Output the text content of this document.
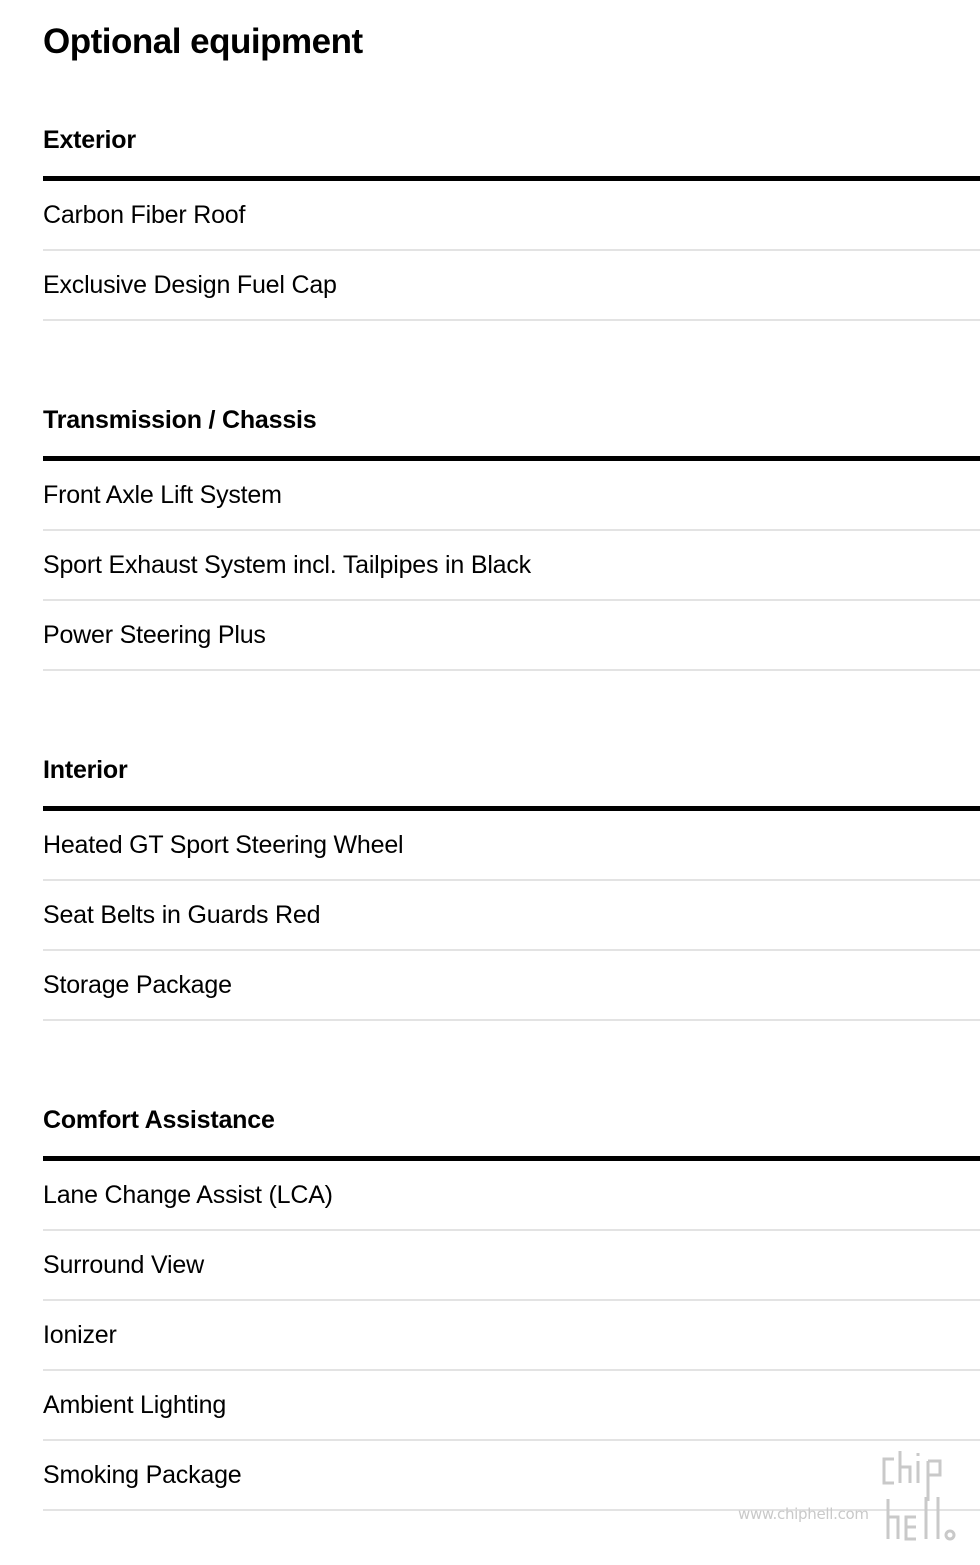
Optional equipment
Exterior
Carbon Fiber Roof
Exclusive Design Fuel Cap
Transmission / Chassis
Front Axle Lift System
Sport Exhaust System incl. Tailpipes in Black
Power Steering Plus
Interior
Heated GT Sport Steering Wheel
Seat Belts in Guards Red
Storage Package
Comfort Assistance
Lane Change Assist (LCA)
Surround View
Ionizer
Ambient Lighting
Smoking Package
www.chiphell.com
